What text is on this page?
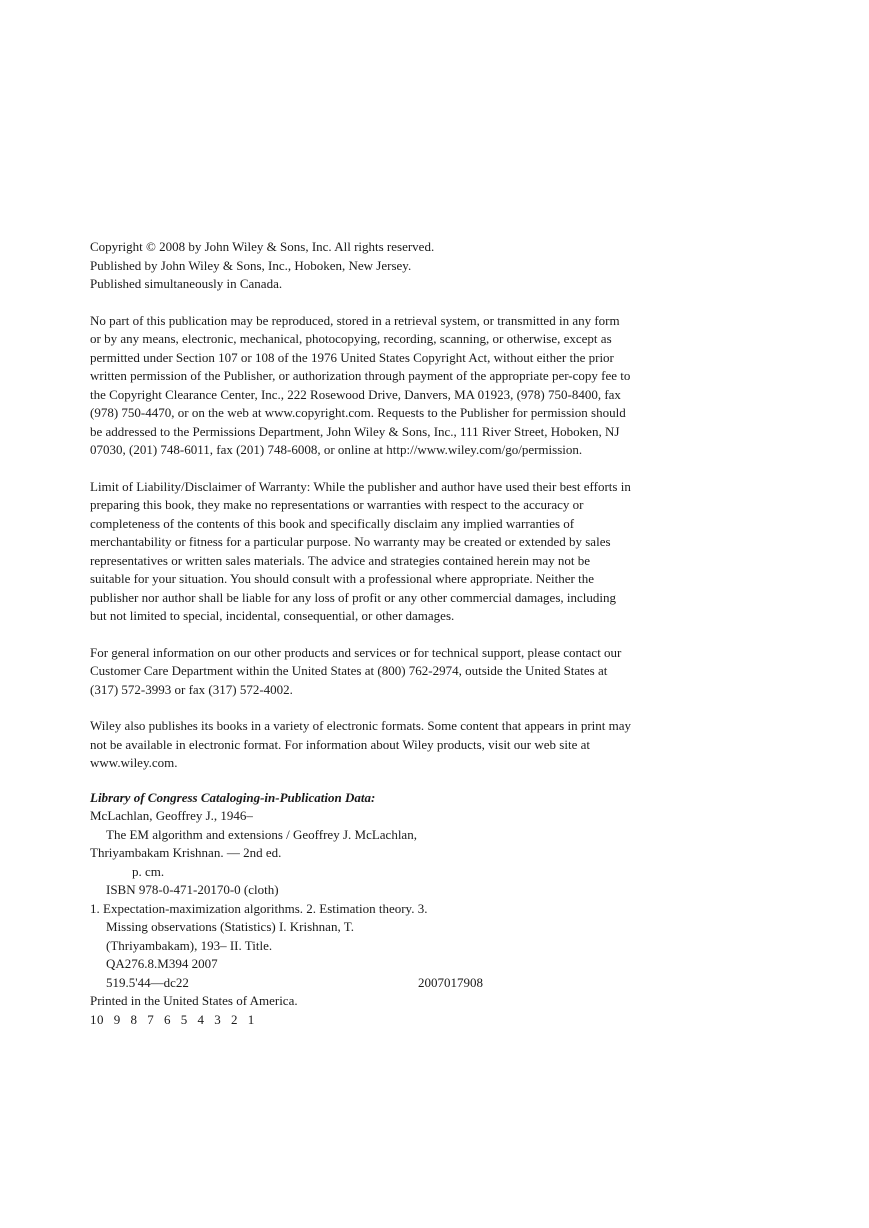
Copyright © 2008 by John Wiley & Sons, Inc. All rights reserved.

Published by John Wiley & Sons, Inc., Hoboken, New Jersey.
Published simultaneously in Canada.
No part of this publication may be reproduced, stored in a retrieval system, or transmitted in any form
or by any means, electronic, mechanical, photocopying, recording, scanning, or otherwise, except as
permitted under Section 107 or 108 of the 1976 United States Copyright Act, without either the prior
written permission of the Publisher, or authorization through payment of the appropriate per-copy fee to
the Copyright Clearance Center, Inc., 222 Rosewood Drive, Danvers, MA 01923, (978) 750-8400, fax
(978) 750-4470, or on the web at www.copyright.com. Requests to the Publisher for permission should
be addressed to the Permissions Department, John Wiley & Sons, Inc., 111 River Street, Hoboken, NJ
07030, (201) 748-6011, fax (201) 748-6008, or online at http://www.wiley.com/go/permission.
Limit of Liability/Disclaimer of Warranty: While the publisher and author have used their best efforts in
preparing this book, they make no representations or warranties with respect to the accuracy or
completeness of the contents of this book and specifically disclaim any implied warranties of
merchantability or fitness for a particular purpose. No warranty may be created or extended by sales
representatives or written sales materials. The advice and strategies contained herein may not be
suitable for your situation. You should consult with a professional where appropriate. Neither the
publisher nor author shall be liable for any loss of profit or any other commercial damages, including
but not limited to special, incidental, consequential, or other damages.
For general information on our other products and services or for technical support, please contact our
Customer Care Department within the United States at (800) 762-2974, outside the United States at
(317) 572-3993 or fax (317) 572-4002.
Wiley also publishes its books in a variety of electronic formats. Some content that appears in print may
not be available in electronic format. For information about Wiley products, visit our web site at
www.wiley.com.

Library of Congress Cataloging-in-Publication Data:

McLachlan, Geoffrey J., 1946–
The EM algorithm and extensions / Geoffrey J. McLachlan,
Thriyambakam Krishnan. — 2nd ed.
p. cm.
ISBN 978-0-471-20170-0 (cloth)
1. Expectation-maximization algorithms. 2. Estimation theory. 3.
Missing observations (Statistics) I. Krishnan, T.
(Thriyambakam), 193– II. Title.
QA276.8.M394 2007
519.5'44—dc22	2007017908

Printed in the United States of America.

10 9 8 7 6 5 4 3 2 1
